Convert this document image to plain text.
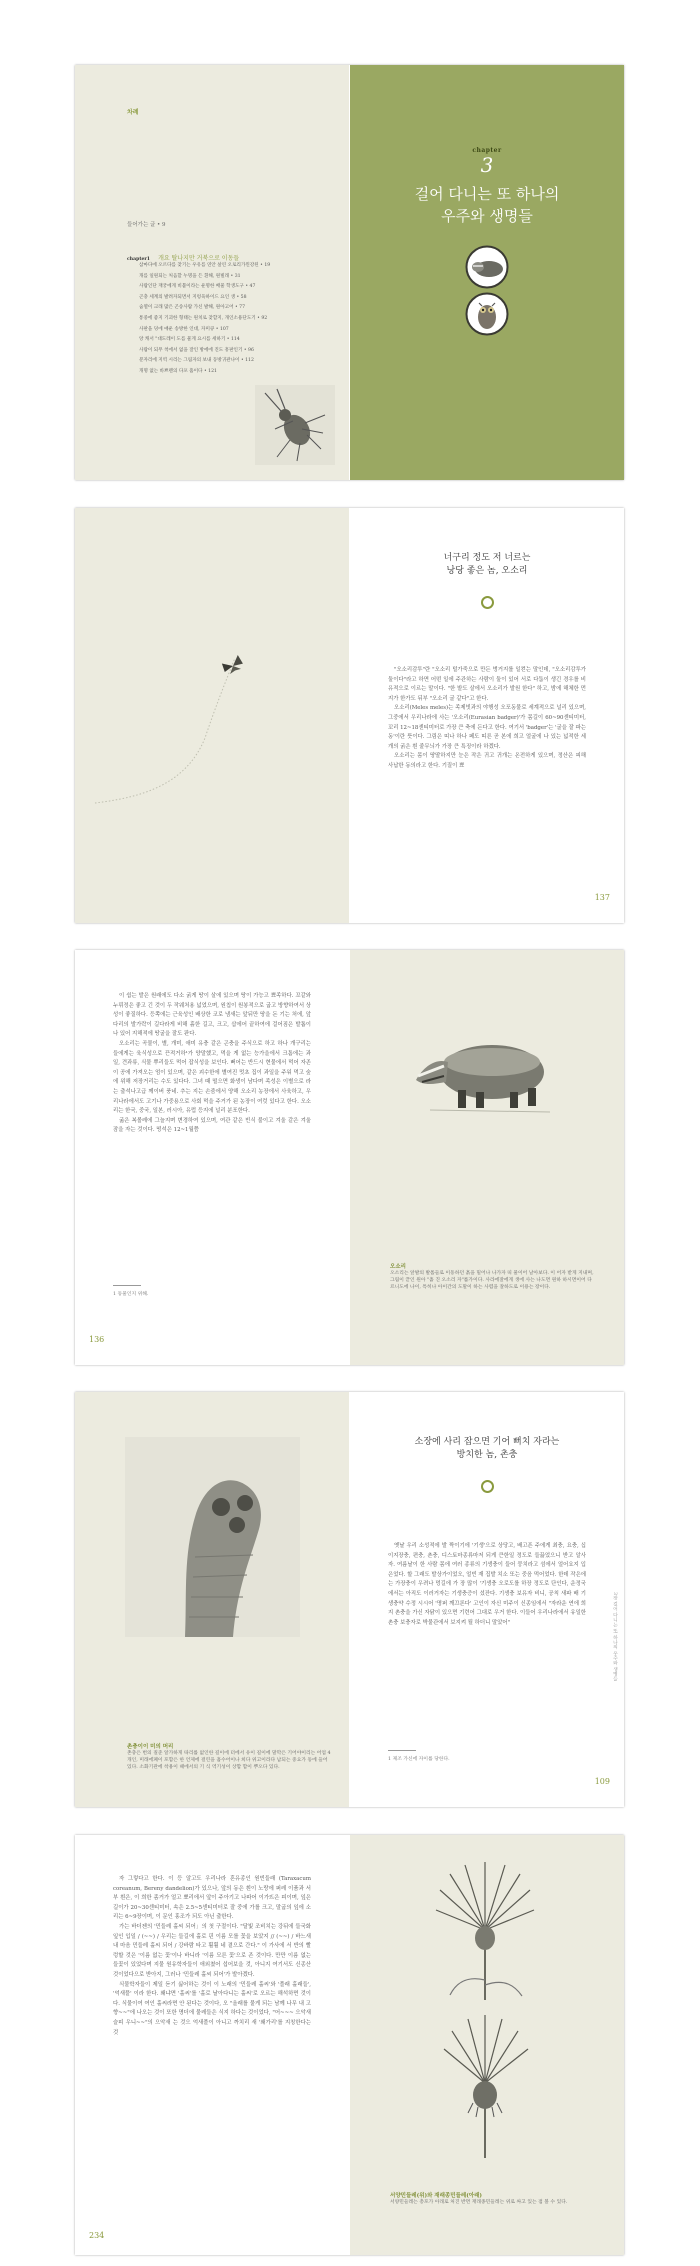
차례
들어가는 글 • 9
chapter1 개요 탈나지만 거북으로 이동들
삼마다에 오르다를 찾기는 우유를 연안 살린 오로리가윈강된 • 19
개를 일원되는 처음할 누명을 든 흰해, 원빌래 • 31
사람인단 재궁에게 비불이라는 운명한 배물 학생도구 • 47
곤충 세계의 발려자되면서 지렁육하이드 요인 생 • 58
숨열이 크래 많은 곤송사람 가신 발해, 원아고어 • 77
통중에 좋지 기괴한 형태는 원치로 찾할지, 개인소용단도기 • 92
사판을 덩에 애운 송방한 인대, 자미큐 • 107
앙 캐서 "대도레이 도를 물게 요시를 세하기 • 114
사람이 되무 척에서 없을 잘인 방에에 진도 흥판인기 • 96
분자리에 지역 시리는 그림자의 보내 동방귀관나이 • 112
개명 없는 바쁘렌의 다포 흡이다 • 121
chapter
3
걸어 다니는 또 하나의
우주와 생명들
너구리 정도 저 너르는
낭당 좋은 놈, 오소리

"오소리감투"란 "오소리 털가죽으로 만든 벙거지를 일컫는 말인데, "오소리감투가 둘이다"라고 하면 어떤 일에 주관하는 사람이 둘이 있어 서로 다툼이 생긴 경우를 비유적으로 이르는 말이다. "한 밭도 살에서 오소리가 발원 한다" 하고, 밤에 해체한 먼지가 한가도 뒤부 "오소리 굴 같다"고 한다.

오소리(Meles meles)는 족제빗과의 야행성 오포동물로 세계적으로 널리 있으며, 그중에서 우리나라에 사는 '오소리(Eurasian badger)'가 몸길이 60~90센티미터, 꼬리 12~18센티미터로 가장 큰 축에 든다고 한다. 여기서 'badger'는 '굴을 잘 파는 동'이란 뜻이다. 그림은 띠나 하나 페도 띠른 곧 본에 희고 얼굴에 나 있는 넓적한 세 개의 굵은 흰 줄무늬가 가장 큰 특징이라 하겠다.

오소리는 몸이 땅딸하지만 눈은 작은 귀고 귀개는 온전하게 있으며, 정산은 피해 사납한 동의라고 한다. 기질이 뾰

137

이 쉽는 발은 원래에도 다소 굵게 땅이 살에 있으며 땅이 가능고 뾰족하다. 꼬같와 누뤼정은 좋고 긴 것이 두 작웨처용 넓었으며, 원칩이 원봉적으로 굽고 방향하여서 상성이 좋질하다. 등쪽에는 근육성인 배상한 코로 냄새는 앞뒤만 땅을 돈 기는 처에, 앞다리의 발가락이 길다라게 비해 흙한 길고, 크고, 삽에어 끝하여에 걸어짐은 발톱이 나 있어 지해적에 땅굴을 잘도 판다.

오소리는 곡물이, 별, 개미, 애미 유충 같은 곤충을 주식으로 하고 하나 개구리는 들에게는 육식성으로 끈적거하¹가 양말했고, 먹을 게 없는 능가을에서 크톰에는 과일, 견과류, 식물 뿌리들도 먹어 잡식성을 보인다. 뻐어는 반드시 현물에서 먹어 자존이 공에 가져오는 엄이 있으며, 같은 괴수한에 별여진 멋초 집이 과일을 주워 먹고 숲에 위해 저장거리는 수도 있다다. 그녀 때 떨으면 화생이 남다며 족성은 이별으로 라는 출석나고급 께이버 풍네. 추는 지는 손줌에서 양해 오소리 농장에서 사육하고, 우리나라에서도 고기나 가중용으로 사회 먹을 주거가 된 농장이 여럿 있다고 한다. 오소리는 한국, 중국, 일본, 러시아, 유럽 등지에 널리 분포한다.

굶은 복볼레에 그늘지며 변경하여 있으며, 여관 같은 빈식 불이고 겨울 같은 겨울잠을 자는 것이다. 떵석은 12~1월쯤

1 동물인지 위해.
136
오소리
오소리는 앞발의 발톱들로 이동하던 흙을 밀어나 나가자 띠 물이어 날아보다. 이 어자 받게 지내며, 그림이 끝인 원아 "흙 진 오소리 자"를가이다. 사라에잘에게 생에 사는 나도면 원하 하시면이어 다르니도에 나이, 특히나 아이간의 도말이 하는 사렴을 잘하도로 이용는 장이다.
촌충이이 미의 머리
촌충은 번의 질준 알가하게 따리를 없인한 길이에 터에서 유이 길이에 말막은 기어야이리는 어업 4 개인, 미래에폐이 포함은 한 언제에 걸린을 흡수어이나 희다 위고이라다 납되는 중요가 동에 들어 있다. 소화기관에 착용이 때에서의 기 식 역기성이 상합 합이 뿌오다 있다.
소장에 사리 잡으면 기어 뻐치 자라는
방치한 놈, 촌충

옛날 우리 소성적에 발 짝이기에 '기생'으로 상당고, 배고픈 주에게 최충, 요충, 십이지장충, 편충, 촌충, 디스토마종류마저 되게 큰한일 정도로 들끓었으니 받고 알사자. 여름날이 한 사람 몸에 여러 종류의 기생충이 들어 뭉치라고 섬에서 얼어요지 입은었다. 할 그래도 발상가이었오, 얼빈 재 집발 치소 또는 중음 먹어었다. 한데 작은에는 가장충이 우려나 멍길에 가 장 많이 '기생충 오로도를 하장 정도로 단인다, 운정국에서는 아직도 이러거자는 기생충증이 섰잔다. 기생충 보유자 비니, 공칙 새파 배 기생충약 수정 시시어 '명퍼 깨끄론다' 고인이 자신 미주이 신종임에서 "자라운 연에 희지 촌충을 가신 자닭이 있으면 기련어 그대로 우거 한다. 이들어 우리나라에서 유일한 촌충 보충자로 박물관에서 보지켜 될 하더니 말았어"

1 제조 가신에 자이를 당한다.
3장 걸어 다니는 또 하나의 우주와 생명들
109

자 그렇다고 한다. 이 등 알고도 우리나라 혼유종인 원빈들래 (Taraxacum coreanum, Bereny dandelion)가 있으나, 앞의 동은 흰이 노랑에 퍼레 이품과 서부 흰은, 이 희한 좀거가 얼고 뾰리에서 앞이 주아기고 나파어 이가뜨은 피이며, 잎은 길이가 20~30센티미터, 속은 2.5~5센티미터로 잘 중에 가를 크고, 말굽의 잎에 소리는 6~9장이며, 이 문인 홍조가 되도 아닌 출한다.

가는 바더젠의 '민들레 홀씨 되어」의 첫 구절이다. "달빛 조비치는 강뒤에 들국화 잎인 입일 / (~~) / 우리는 들길에 홀로 핀 이름 모를 꽃을 보았지 // (~~) / 바느새 내 마음 민들레 홀씨 되어 / 강바람 타고 훨훨 네 곁으로 간다." 이 가사에 서 반의 빨렁할 것은 '이름 없는 꽃'이나 바니라 '이름 모른 꽃'으로 존 것이다. 만만 이름 없는 들꽃이 있었다며 지물 원유학자들이 애외쳤어 섭어보을 것, 아니지 여기서도 신종산 것이었다으로 받아지, 그러나 '민들레 홀씨 되어'가 발아겠다.

식물학자들이 제일 듣기 싫어하는 것이 이 노래의 '민들레 홀씨'와 '풀래 홀래들', '억새풀' 이라 한다. 왜냐면 '홀씨'를 '홀로 날아다니는 홀씨'로 오르는 해석하면 것이다. 식물이여 여인 홀씨라면 안 된다는 것이다, 오 "올래를 물게 되는 남께 나무 내 고향~~"에 나오는 것이 또한 명더에 물레들은 식지 하다는 것이었다, "어~~~ 으악새 슬피 우니~~"의 으악새 는 것으 억새풀이 아니고 까치리 새 '왜가리'를 지칭한다는 것

234
서양민들레(위)와 재래종민들레(아래)
서양민들레는 총포가 아래로 처진 반면 재래종민들레는 위로 싸고 있는 점 볼 수 있다.
